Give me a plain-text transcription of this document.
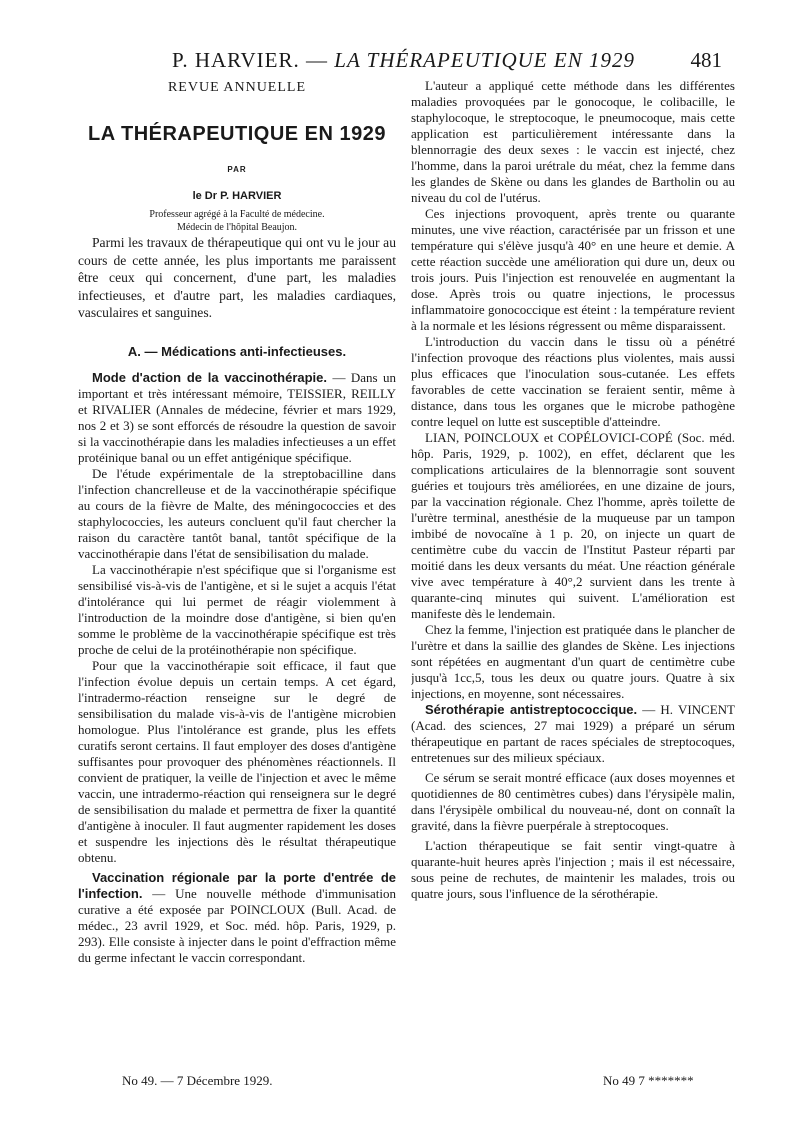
P. HARVIER. — LA THÉRAPEUTIQUE EN 1929	481
REVUE ANNUELLE
LA THÉRAPEUTIQUE EN 1929
PAR
le Dr P. HARVIER
Professeur agrégé à la Faculté de médecine.
Médecin de l'hôpital Beaujon.

Parmi les travaux de thérapeutique qui ont vu le jour au cours de cette année, les plus importants me paraissent être ceux qui concernent, d'une part, les maladies infectieuses, et d'autre part, les maladies cardiaques, vasculaires et sanguines.

A. — Médications anti-infectieuses.

Mode d'action de la vaccinothérapie. — Dans un important et très intéressant mémoire, TEISSIER, REILLY et RIVALIER (Annales de médecine, février et mars 1929, nos 2 et 3) se sont efforcés de résoudre la question de savoir si la vaccinothérapie dans les maladies infectieuses a un effet protéinique banal ou un effet antigénique spécifique.

De l'étude expérimentale de la streptobacilline dans l'infection chancrelleuse et de la vaccinothérapie spécifique au cours de la fièvre de Malte, des méningococcies et des staphylococcies, les auteurs concluent qu'il faut chercher la raison du caractère tantôt banal, tantôt spécifique de la vaccinothérapie dans l'état de sensibilisation du malade.

La vaccinothérapie n'est spécifique que si l'organisme est sensibilisé vis-à-vis de l'antigène, et si le sujet a acquis l'état d'intolérance qui lui permet de réagir violemment à l'introduction de la moindre dose d'antigène, si bien qu'en somme le problème de la vaccinothérapie spécifique est très proche de celui de la protéinothérapie non spécifique.

Pour que la vaccinothérapie soit efficace, il faut que l'infection évolue depuis un certain temps. A cet égard, l'intradermo-réaction renseigne sur le degré de sensibilisation du malade vis-à-vis de l'antigène microbien homologue. Plus l'intolérance est grande, plus les effets curatifs seront certains. Il faut employer des doses d'antigène suffisantes pour provoquer des phénomènes réactionnels. Il convient de pratiquer, la veille de l'injection et avec le même vaccin, une intradermo-réaction qui renseignera sur le degré de sensibilisation du malade et permettra de fixer la quantité d'antigène à inoculer. Il faut augmenter rapidement les doses et suspendre les injections dès le résultat thérapeutique obtenu.

Vaccination régionale par la porte d'entrée de l'infection. — Une nouvelle méthode d'immunisation curative a été exposée par POINCLOUX (Bull. Acad. de médec., 23 avril 1929, et Soc. méd. hôp. Paris, 1929, p. 293). Elle consiste à injecter dans le point d'effraction même du germe infectant le vaccin correspondant.

L'auteur a appliqué cette méthode dans les différentes maladies provoquées par le gonocoque, le colibacille, le staphylocoque, le streptocoque, le pneumocoque, mais cette application est particulièrement intéressante dans la blennorragie des deux sexes : le vaccin est injecté, chez l'homme, dans la paroi urétrale du méat, chez la femme dans les glandes de Skène ou dans les glandes de Bartholin ou au niveau du col de l'utérus.

Ces injections provoquent, après trente ou quarante minutes, une vive réaction, caractérisée par un frisson et une température qui s'élève jusqu'à 40° en une heure et demie. A cette réaction succède une amélioration qui dure un, deux ou trois jours. Puis l'injection est renouvelée en augmentant la dose. Après trois ou quatre injections, le processus inflammatoire gonococcique est éteint : la température revient à la normale et les lésions régressent ou même disparaissent.

L'introduction du vaccin dans le tissu où a pénétré l'infection provoque des réactions plus violentes, mais aussi plus efficaces que l'inoculation sous-cutanée. Les effets favorables de cette vaccination se feraient sentir, même à distance, dans tous les organes que le microbe pathogène contre lequel on lutte est susceptible d'atteindre.

LIAN, POINCLOUX et COPÉLOVICI-COPÉ (Soc. méd. hôp. Paris, 1929, p. 1002), en effet, déclarent que les complications articulaires de la blennorragie sont souvent guéries et toujours très améliorées, en une dizaine de jours, par la vaccination régionale. Chez l'homme, après toilette de l'urètre terminal, anesthésie de la muqueuse par un tampon imbibé de novocaïne à 1 p. 20, on injecte un quart de centimètre cube du vaccin de l'Institut Pasteur réparti par moitié dans les deux versants du méat. Une réaction générale vive avec température à 40°,2 survient dans les trente à quarante-cinq minutes qui suivent. L'amélioration est manifeste dès le lendemain.

Chez la femme, l'injection est pratiquée dans le plancher de l'urètre et dans la saillie des glandes de Skène. Les injections sont répétées en augmentant d'un quart de centimètre cube jusqu'à 1cc,5, tous les deux ou quatre jours. Quatre à six injections, en moyenne, sont nécessaires.

Sérothérapie antistreptococcique. — H. VINCENT (Acad. des sciences, 27 mai 1929) a préparé un sérum thérapeutique en partant de races spéciales de streptocoques, entretenues sur des milieux spéciaux.

Ce sérum se serait montré efficace (aux doses moyennes et quotidiennes de 80 centimètres cubes) dans l'érysipèle malin, dans l'érysipèle ombilical du nouveau-né, dont on connaît la gravité, dans la fièvre puerpérale à streptocoques.

L'action thérapeutique se fait sentir vingt-quatre à quarante-huit heures après l'injection ; mais il est nécessaire, sous peine de rechutes, de maintenir les malades, trois ou quatre jours, sous l'influence de la sérothérapie.

No 49. — 7 Décembre 1929.	No 49 7 *******
